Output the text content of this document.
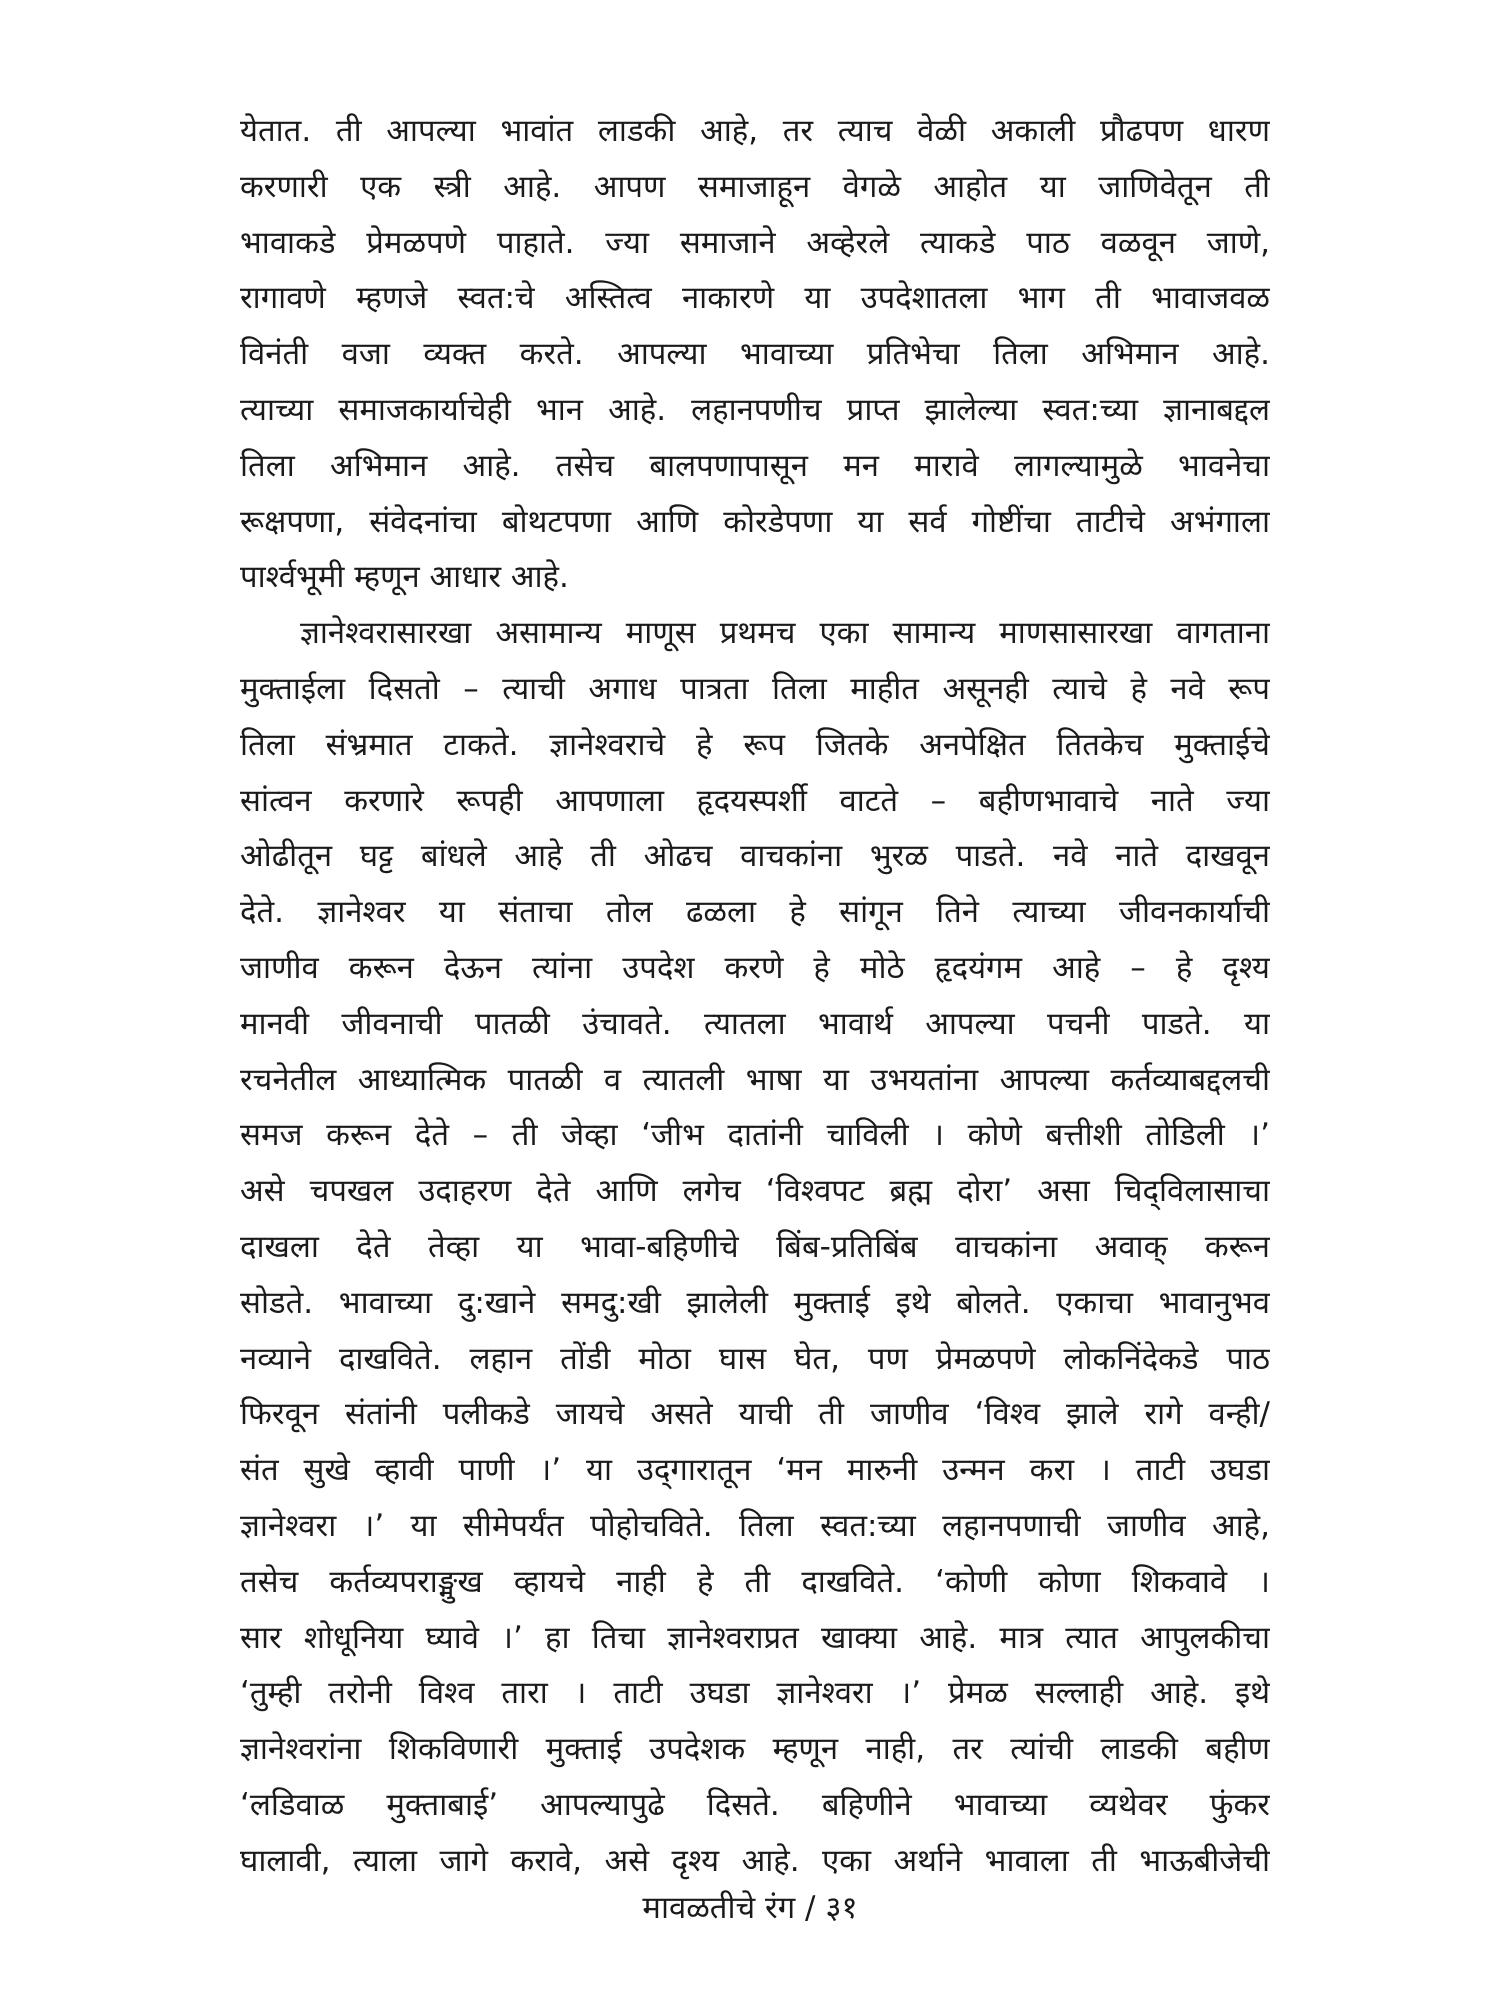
येतात. ती आपल्या भावांत लाडकी आहे, तर त्याच वेळी अकाली प्रौढपण धारण
करणारी एक स्त्री आहे. आपण समाजाहून वेगळे आहोत या जाणिवेतून ती
भावाकडे प्रेमळपणे पाहाते. ज्या समाजाने अव्हेरले त्याकडे पाठ वळवून जाणे,
रागावणे म्हणजे स्वत:चे अस्तित्व नाकारणे या उपदेशातला भाग ती भावाजवळ
विनंती वजा व्यक्त करते. आपल्या भावाच्या प्रतिभेचा तिला अभिमान आहे.
त्याच्या समाजकार्याचेही भान आहे. लहानपणीच प्राप्त झालेल्या स्वत:च्या ज्ञानाबद्दल
तिला अभिमान आहे. तसेच बालपणापासून मन मारावे लागल्यामुळे भावनेचा
रूक्षपणा, संवेदनांचा बोथटपणा आणि कोरडेपणा या सर्व गोष्टींचा ताटीचे अभंगाला
पार्श्वभूमी म्हणून आधार आहे.
ज्ञानेश्वरासारखा असामान्य माणूस प्रथमच एका सामान्य माणसासारखा वागताना
मुक्ताईला दिसतो – त्याची अगाध पात्रता तिला माहीत असूनही त्याचे हे नवे रूप
तिला संभ्रमात टाकते. ज्ञानेश्वराचे हे रूप जितके अनपेक्षित तितकेच मुक्ताईचे
सांत्वन करणारे रूपही आपणाला हृदयस्पर्शी वाटते – बहीणभावाचे नाते ज्या
ओढीतून घट्ट बांधले आहे ती ओढच वाचकांना भुरळ पाडते. नवे नाते दाखवून
देते. ज्ञानेश्वर या संताचा तोल ढळला हे सांगून तिने त्याच्या जीवनकार्याची
जाणीव करून देऊन त्यांना उपदेश करणे हे मोठे हृदयंगम आहे – हे दृश्य
मानवी जीवनाची पातळी उंचावते. त्यातला भावार्थ आपल्या पचनी पाडते. या
रचनेतील आध्यात्मिक पातळी व त्यातली भाषा या उभयतांना आपल्या कर्तव्याबद्दलची
समज करून देते – ती जेव्हा ‘जीभ दातांनी चाविली । कोणे बत्तीशी तोडिली ।’
असे चपखल उदाहरण देते आणि लगेच ‘विश्वपट ब्रह्म दोरा’ असा चिद्‌विलासाचा
दाखला देते तेव्हा या भावा-बहिणीचे बिंब-प्रतिबिंब वाचकांना अवाक् करून
सोडते. भावाच्या दु:खाने समदु:खी झालेली मुक्ताई इथे बोलते. एकाचा भावानुभव
नव्याने दाखविते. लहान तोंडी मोठा घास घेत, पण प्रेमळपणे लोकनिंदेकडे पाठ
फिरवून संतांनी पलीकडे जायचे असते याची ती जाणीव ‘विश्व झाले रागे वन्ही/
संत सुखे व्हावी पाणी ।’ या उद्‌गारातून ‘मन मारुनी उन्मन करा । ताटी उघडा
ज्ञानेश्वरा ।’ या सीमेपर्यंत पोहोचविते. तिला स्वत:च्या लहानपणाची जाणीव आहे,
तसेच कर्तव्यपराङ्मुख व्हायचे नाही हे ती दाखविते. ‘कोणी कोणा शिकवावे ।
सार शोधूनिया घ्यावे ।’ हा तिचा ज्ञानेश्वराप्रत खाक्या आहे. मात्र त्यात आपुलकीचा
‘तुम्ही तरोनी विश्व तारा । ताटी उघडा ज्ञानेश्वरा ।’ प्रेमळ सल्लाही आहे. इथे
ज्ञानेश्वरांना शिकविणारी मुक्ताई उपदेशक म्हणून नाही, तर त्यांची लाडकी बहीण
‘लडिवाळ मुक्ताबाई’ आपल्यापुढे दिसते. बहिणीने भावाच्या व्यथेवर फुंकर
घालावी, त्याला जागे करावे, असे दृश्य आहे. एका अर्थाने भावाला ती भाऊबीजेची
मावळतीचे रंग / ३१
